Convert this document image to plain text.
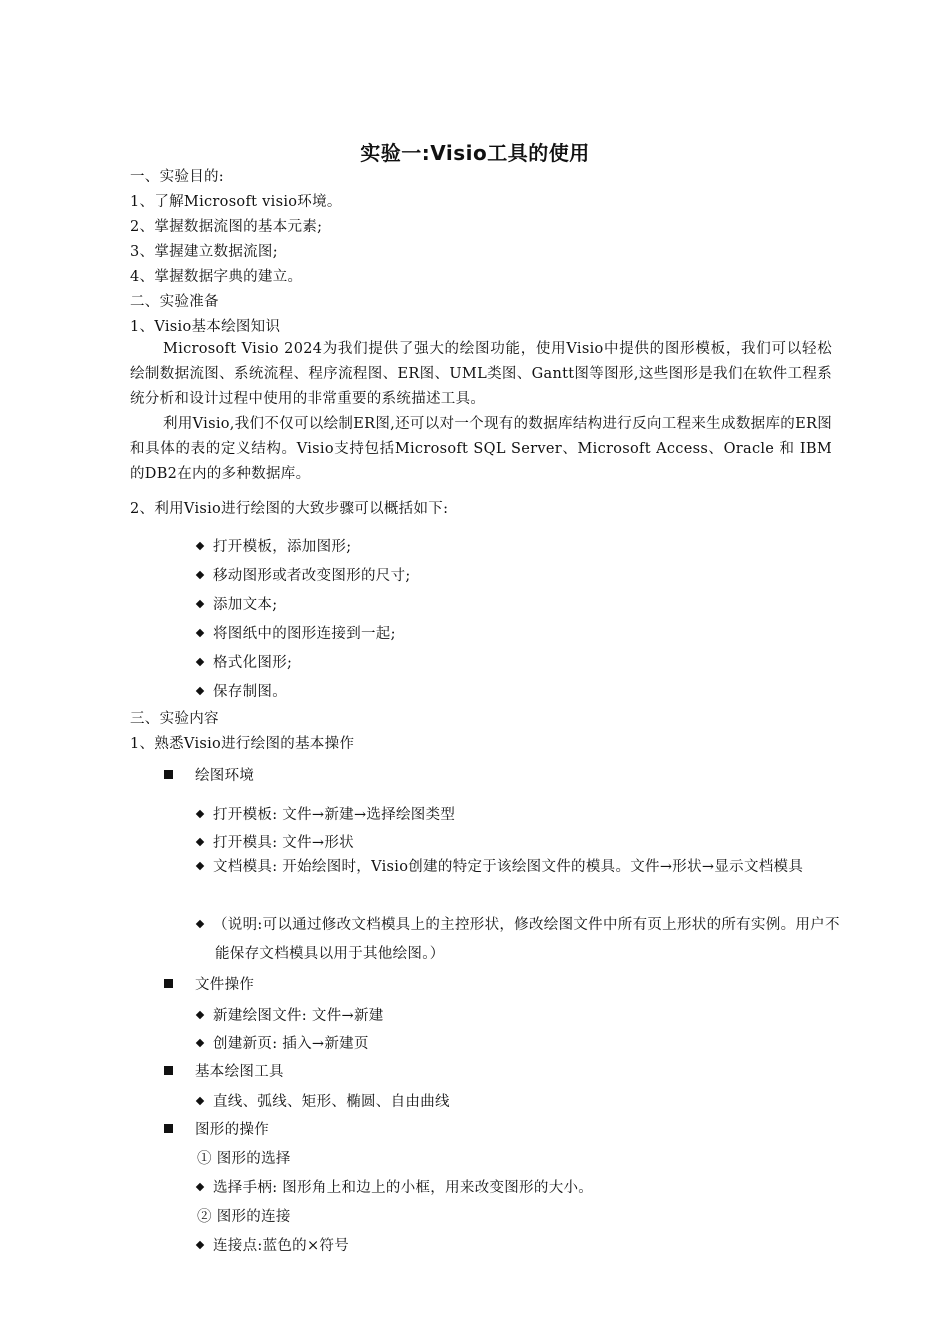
实验一:Visio工具的使用
一、实验目的:
1、了解Microsoft visio环境。
2、掌握数据流图的基本元素;
3、掌握建立数据流图;
4、掌握数据字典的建立。
二、实验准备
1、Visio基本绘图知识
Microsoft Visio 2024为我们提供了强大的绘图功能，使用Visio中提供的图形模板，我们可以轻松绘制数据流图、系统流程、程序流程图、ER图、UML类图、Gantt图等图形,这些图形是我们在软件工程系统分析和设计过程中使用的非常重要的系统描述工具。
利用Visio,我们不仅可以绘制ER图,还可以对一个现有的数据库结构进行反向工程来生成数据库的ER图和具体的表的定义结构。Visio支持包括Microsoft SQL Server、Microsoft Access、Oracle 和 IBM的DB2在内的多种数据库。
2、利用Visio进行绘图的大致步骤可以概括如下:
打开模板，添加图形;
移动图形或者改变图形的尺寸;
添加文本;
将图纸中的图形连接到一起;
格式化图形;
保存制图。
三、实验内容
1、熟悉Visio进行绘图的基本操作
绘图环境
打开模板: 文件→新建→选择绘图类型
打开模具: 文件→形状
文档模具: 开始绘图时，Visio创建的特定于该绘图文件的模具。文件→形状→显示文档模具
（说明:可以通过修改文档模具上的主控形状，修改绘图文件中所有页上形状的所有实例。用户不能保存文档模具以用于其他绘图。）
文件操作
新建绘图文件: 文件→新建
创建新页: 插入→新建页
基本绘图工具
直线、弧线、矩形、椭圆、自由曲线
图形的操作
① 图形的选择
选择手柄: 图形角上和边上的小框，用来改变图形的大小。
② 图形的连接
连接点:蓝色的×符号
